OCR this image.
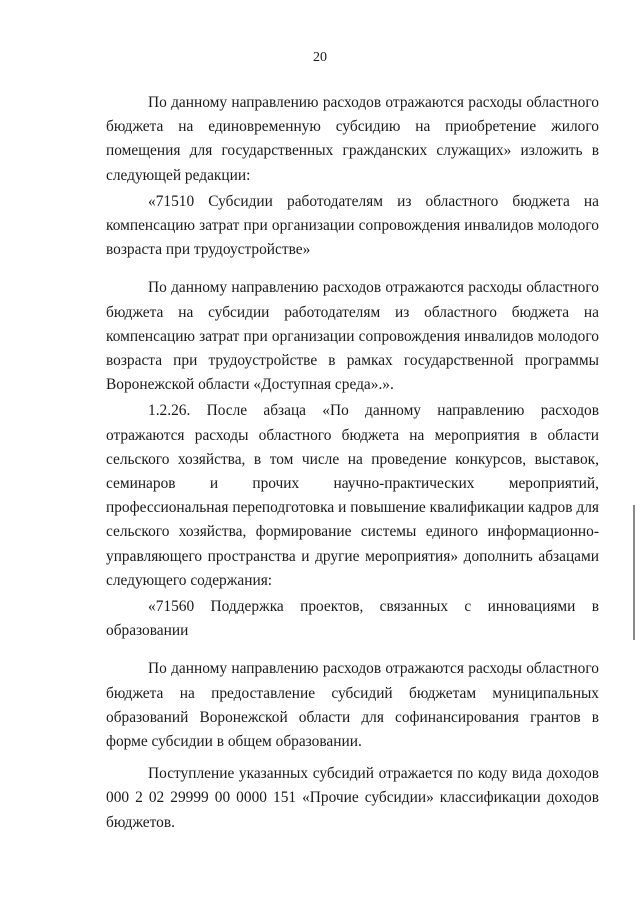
20

По данному направлению расходов отражаются расходы областного бюджета на единовременную субсидию на приобретение жилого помещения для государственных гражданских служащих» изложить в следующей редакции:

«71510 Субсидии работодателям из областного бюджета на компенсацию затрат при организации сопровождения инвалидов молодого возраста при трудоустройстве»

По данному направлению расходов отражаются расходы областного бюджета на субсидии работодателям из областного бюджета на компенсацию затрат при организации сопровождения инвалидов молодого возраста при трудоустройстве в рамках государственной программы Воронежской области «Доступная среда».».

1.2.26. После абзаца «По данному направлению расходов отражаются расходы областного бюджета на мероприятия в области сельского хозяйства, в том числе на проведение конкурсов, выставок, семинаров и прочих научно-практических мероприятий, профессиональная переподготовка и повышение квалификации кадров для сельского хозяйства, формирование системы единого информационно-управляющего пространства и другие мероприятия» дополнить абзацами следующего содержания:

«71560 Поддержка проектов, связанных с инновациями в образовании

По данному направлению расходов отражаются расходы областного бюджета на предоставление субсидий бюджетам муниципальных образований Воронежской области для софинансирования грантов в форме субсидии в общем образовании.

Поступление указанных субсидий отражается по коду вида доходов 000 2 02 29999 00 0000 151 «Прочие субсидии» классификации доходов бюджетов.
